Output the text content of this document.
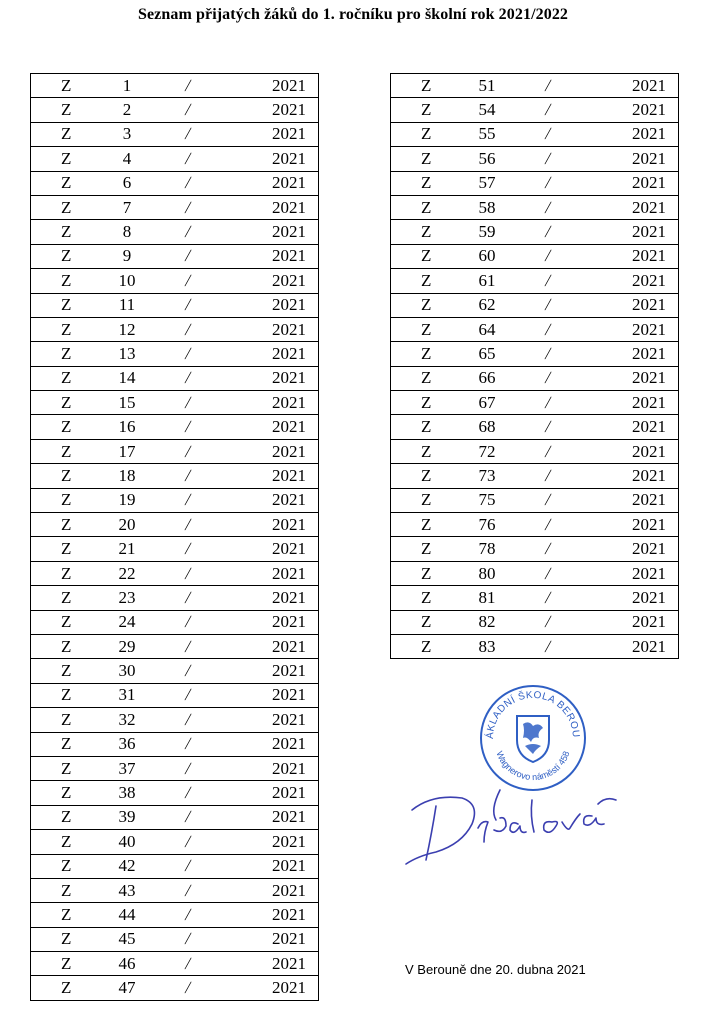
Seznam přijatých žáků do 1. ročníku pro školní rok 2021/2022
Z	1	/	2021

Z	2	/	2021

Z	3	/	2021

Z	4	/	2021

Z	6	/	2021

Z	7	/	2021

Z	8	/	2021

Z	9	/	2021

Z	10	/	2021

Z	11	/	2021

Z	12	/	2021

Z	13	/	2021

Z	14	/	2021

Z	15	/	2021

Z	16	/	2021

Z	17	/	2021

Z	18	/	2021

Z	19	/	2021

Z	20	/	2021

Z	21	/	2021

Z	22	/	2021

Z	23	/	2021

Z	24	/	2021

Z	29	/	2021

Z	30	/	2021

Z	31	/	2021

Z	32	/	2021

Z	36	/	2021

Z	37	/	2021

Z	38	/	2021

Z	39	/	2021

Z	40	/	2021

Z	42	/	2021

Z	43	/	2021

Z	44	/	2021

Z	45	/	2021

Z	46	/	2021

Z	47	/	2021
Z	51	/	2021

Z	54	/	2021

Z	55	/	2021

Z	56	/	2021

Z	57	/	2021

Z	58	/	2021

Z	59	/	2021

Z	60	/	2021

Z	61	/	2021

Z	62	/	2021

Z	64	/	2021

Z	65	/	2021

Z	66	/	2021

Z	67	/	2021

Z	68	/	2021

Z	72	/	2021

Z	73	/	2021

Z	75	/	2021

Z	76	/	2021

Z	78	/	2021

Z	80	/	2021

Z	81	/	2021

Z	82	/	2021

Z	83	/	2021
ÁKLADNÍ ŠKOLA BEROU
Wagnerovo náměstí 458
V Berouně dne 20. dubna 2021
